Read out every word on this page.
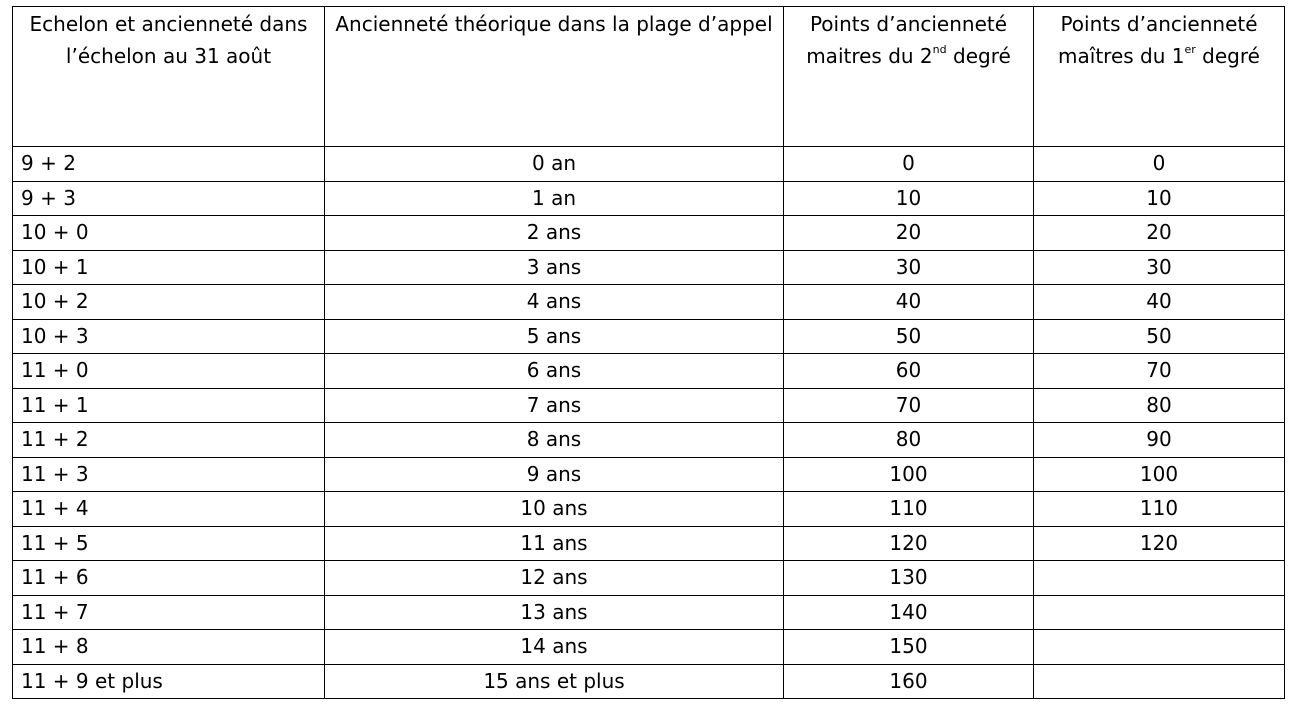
Echelon et ancienneté dans l’échelon au 31 août	Ancienneté théorique dans la plage d’appel	Points d’ancienneté maitres du 2nd degré	Points d’ancienneté maîtres du 1er degré
9 + 2	0 an	0	0
9 + 3	1 an	10	10
10 + 0	2 ans	20	20
10 + 1	3 ans	30	30
10 + 2	4 ans	40	40
10 + 3	5 ans	50	50
11 + 0	6 ans	60	70
11 + 1	7 ans	70	80
11 + 2	8 ans	80	90
11 + 3	9 ans	100	100
11 + 4	10 ans	110	110
11 + 5	11 ans	120	120
11 + 6	12 ans	130	
11 + 7	13 ans	140	
11 + 8	14 ans	150	
11 + 9 et plus	15 ans et plus	160	
